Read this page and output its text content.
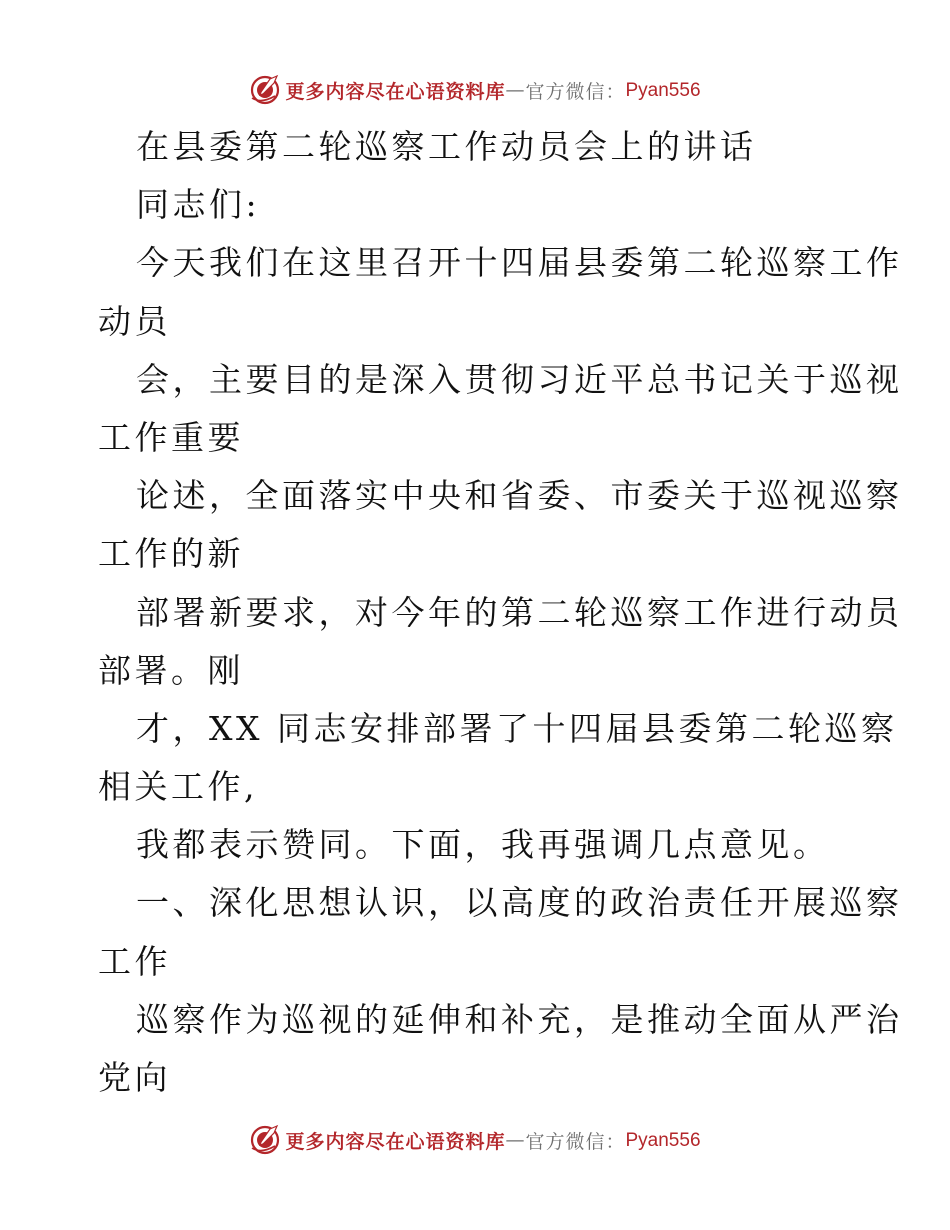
更多内容尽在心语资料库 — 官方微信： Pyan556
在县委第二轮巡察工作动员会上的讲话
同志们:
今天我们在这里召开十四届县委第二轮巡察工作
动员
会，主要目的是深入贯彻习近平总书记关于巡视
工作重要
论述，全面落实中央和省委、市委关于巡视巡察
工作的新
部署新要求，对今年的第二轮巡察工作进行动员
部署。刚
才，XX 同志安排部署了十四届县委第二轮巡察
相关工作,
我都表示赞同。下面，我再强调几点意见。
一、深化思想认识，以高度的政治责任开展巡察
工作
巡察作为巡视的延伸和补充，是推动全面从严治
党向
更多内容尽在心语资料库 — 官方微信： Pyan556
